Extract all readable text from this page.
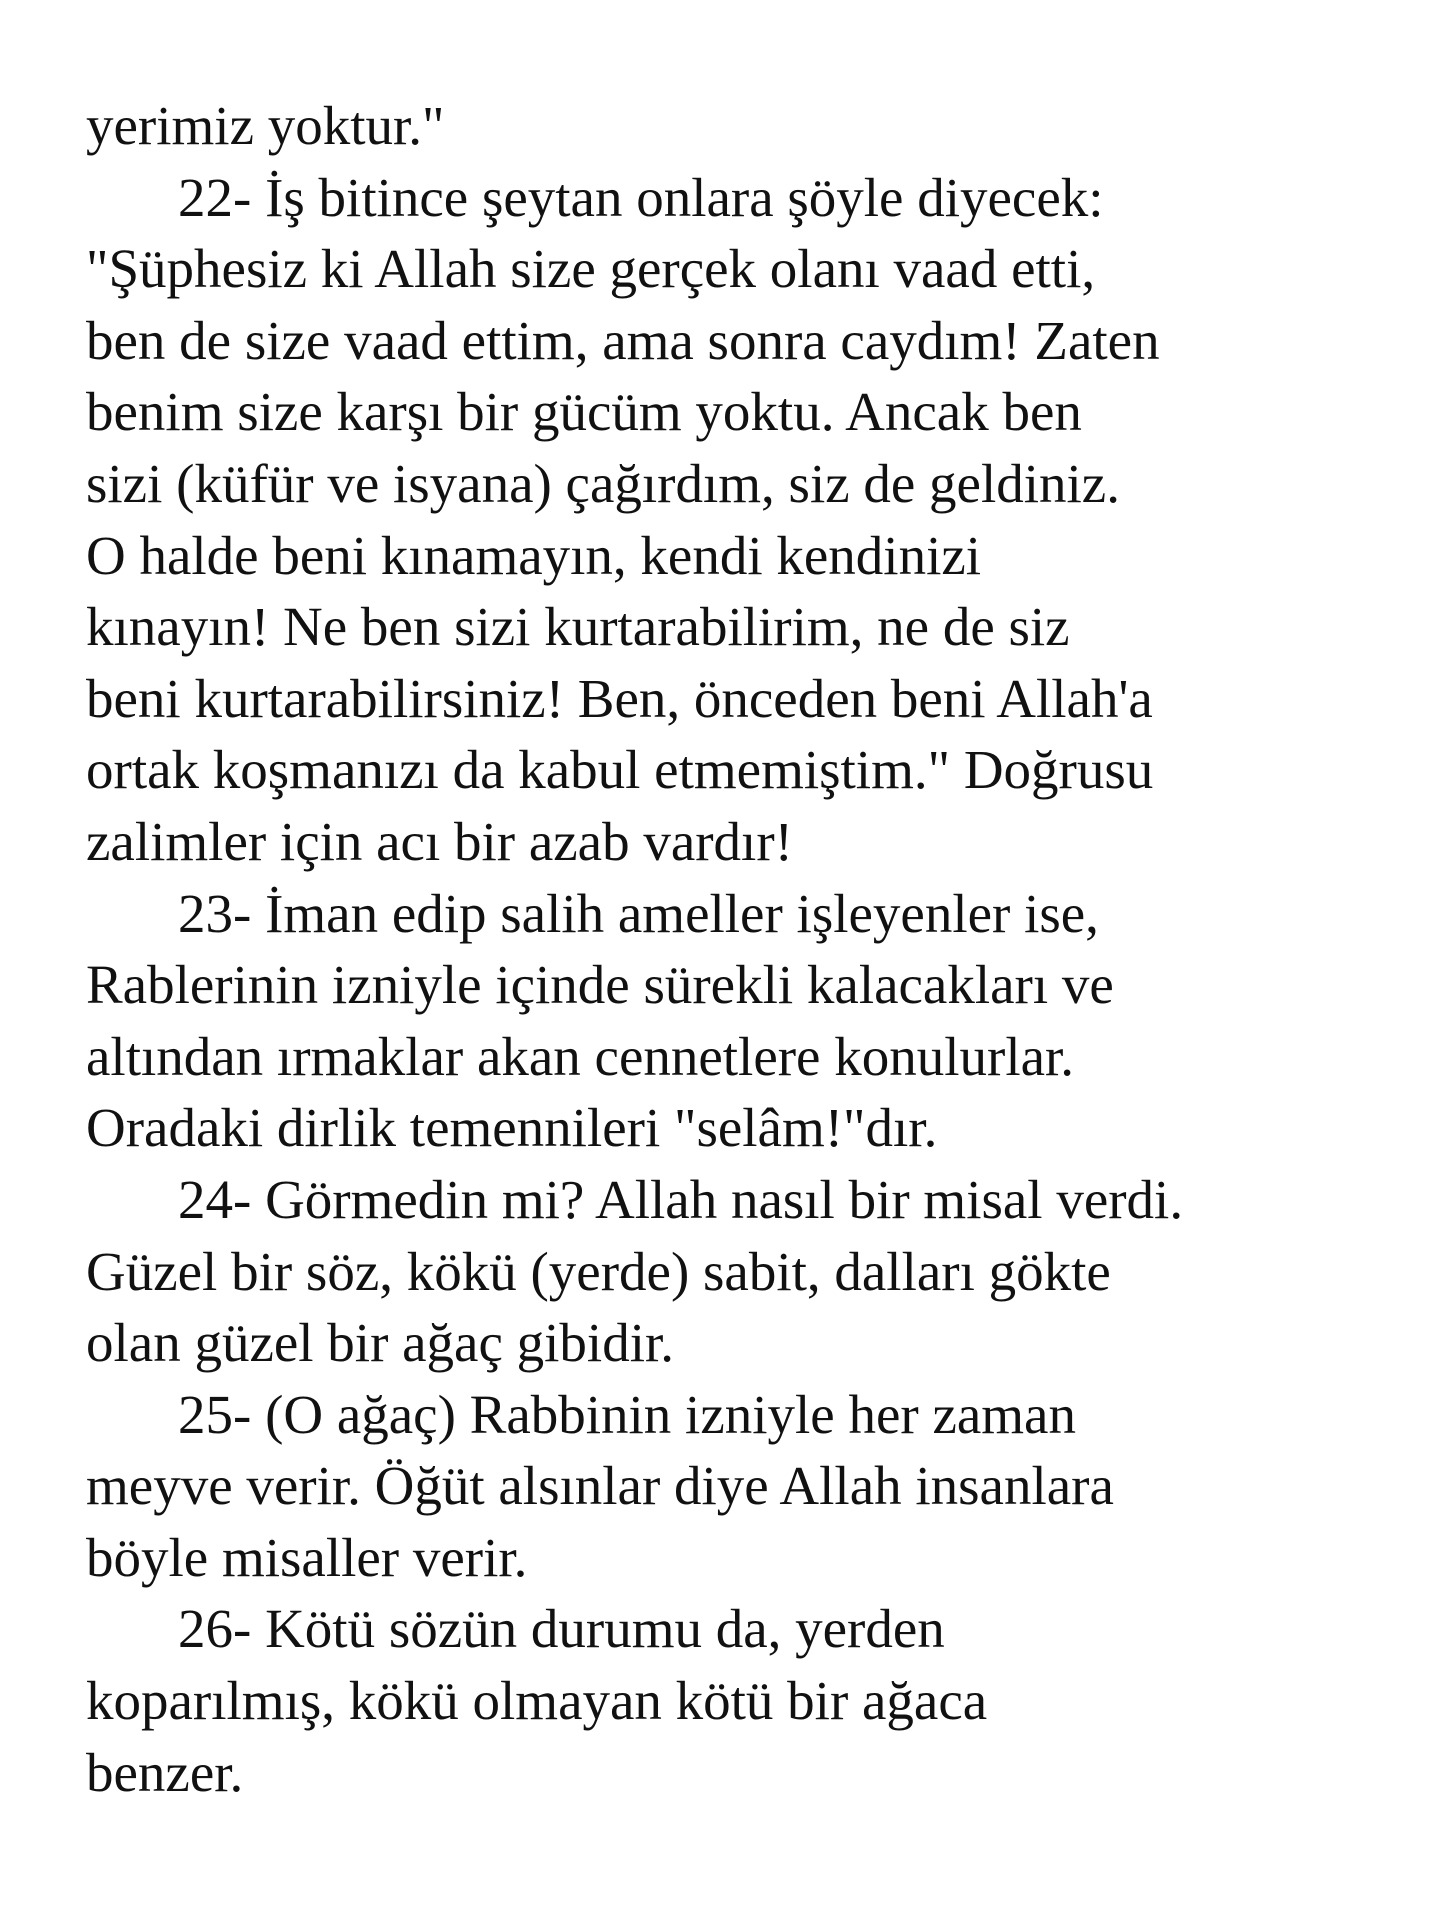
yerimiz yoktur."

22- İş bitince şeytan onlara şöyle diyecek:

"Şüphesiz ki Allah size gerçek olanı vaad etti,

ben de size vaad ettim, ama sonra caydım! Zaten

benim size karşı bir gücüm yoktu. Ancak ben

sizi (küfür ve isyana) çağırdım, siz de geldiniz.

O halde beni kınamayın, kendi kendinizi

kınayın! Ne ben sizi kurtarabilirim, ne de siz

beni kurtarabilirsiniz! Ben, önceden beni Allah'a

ortak koşmanızı da kabul etmemiştim." Doğrusu

zalimler için acı bir azab vardır!

23- İman edip salih ameller işleyenler ise,

Rablerinin izniyle içinde sürekli kalacakları ve

altından ırmaklar akan cennetlere konulurlar.

Oradaki dirlik temennileri "selâm!"dır.

24- Görmedin mi? Allah nasıl bir misal verdi.

Güzel bir söz, kökü (yerde) sabit, dalları gökte

olan güzel bir ağaç gibidir.

25- (O ağaç) Rabbinin izniyle her zaman

meyve verir. Öğüt alsınlar diye Allah insanlara

böyle misaller verir.

26- Kötü sözün durumu da, yerden

koparılmış, kökü olmayan kötü bir ağaca

benzer.
